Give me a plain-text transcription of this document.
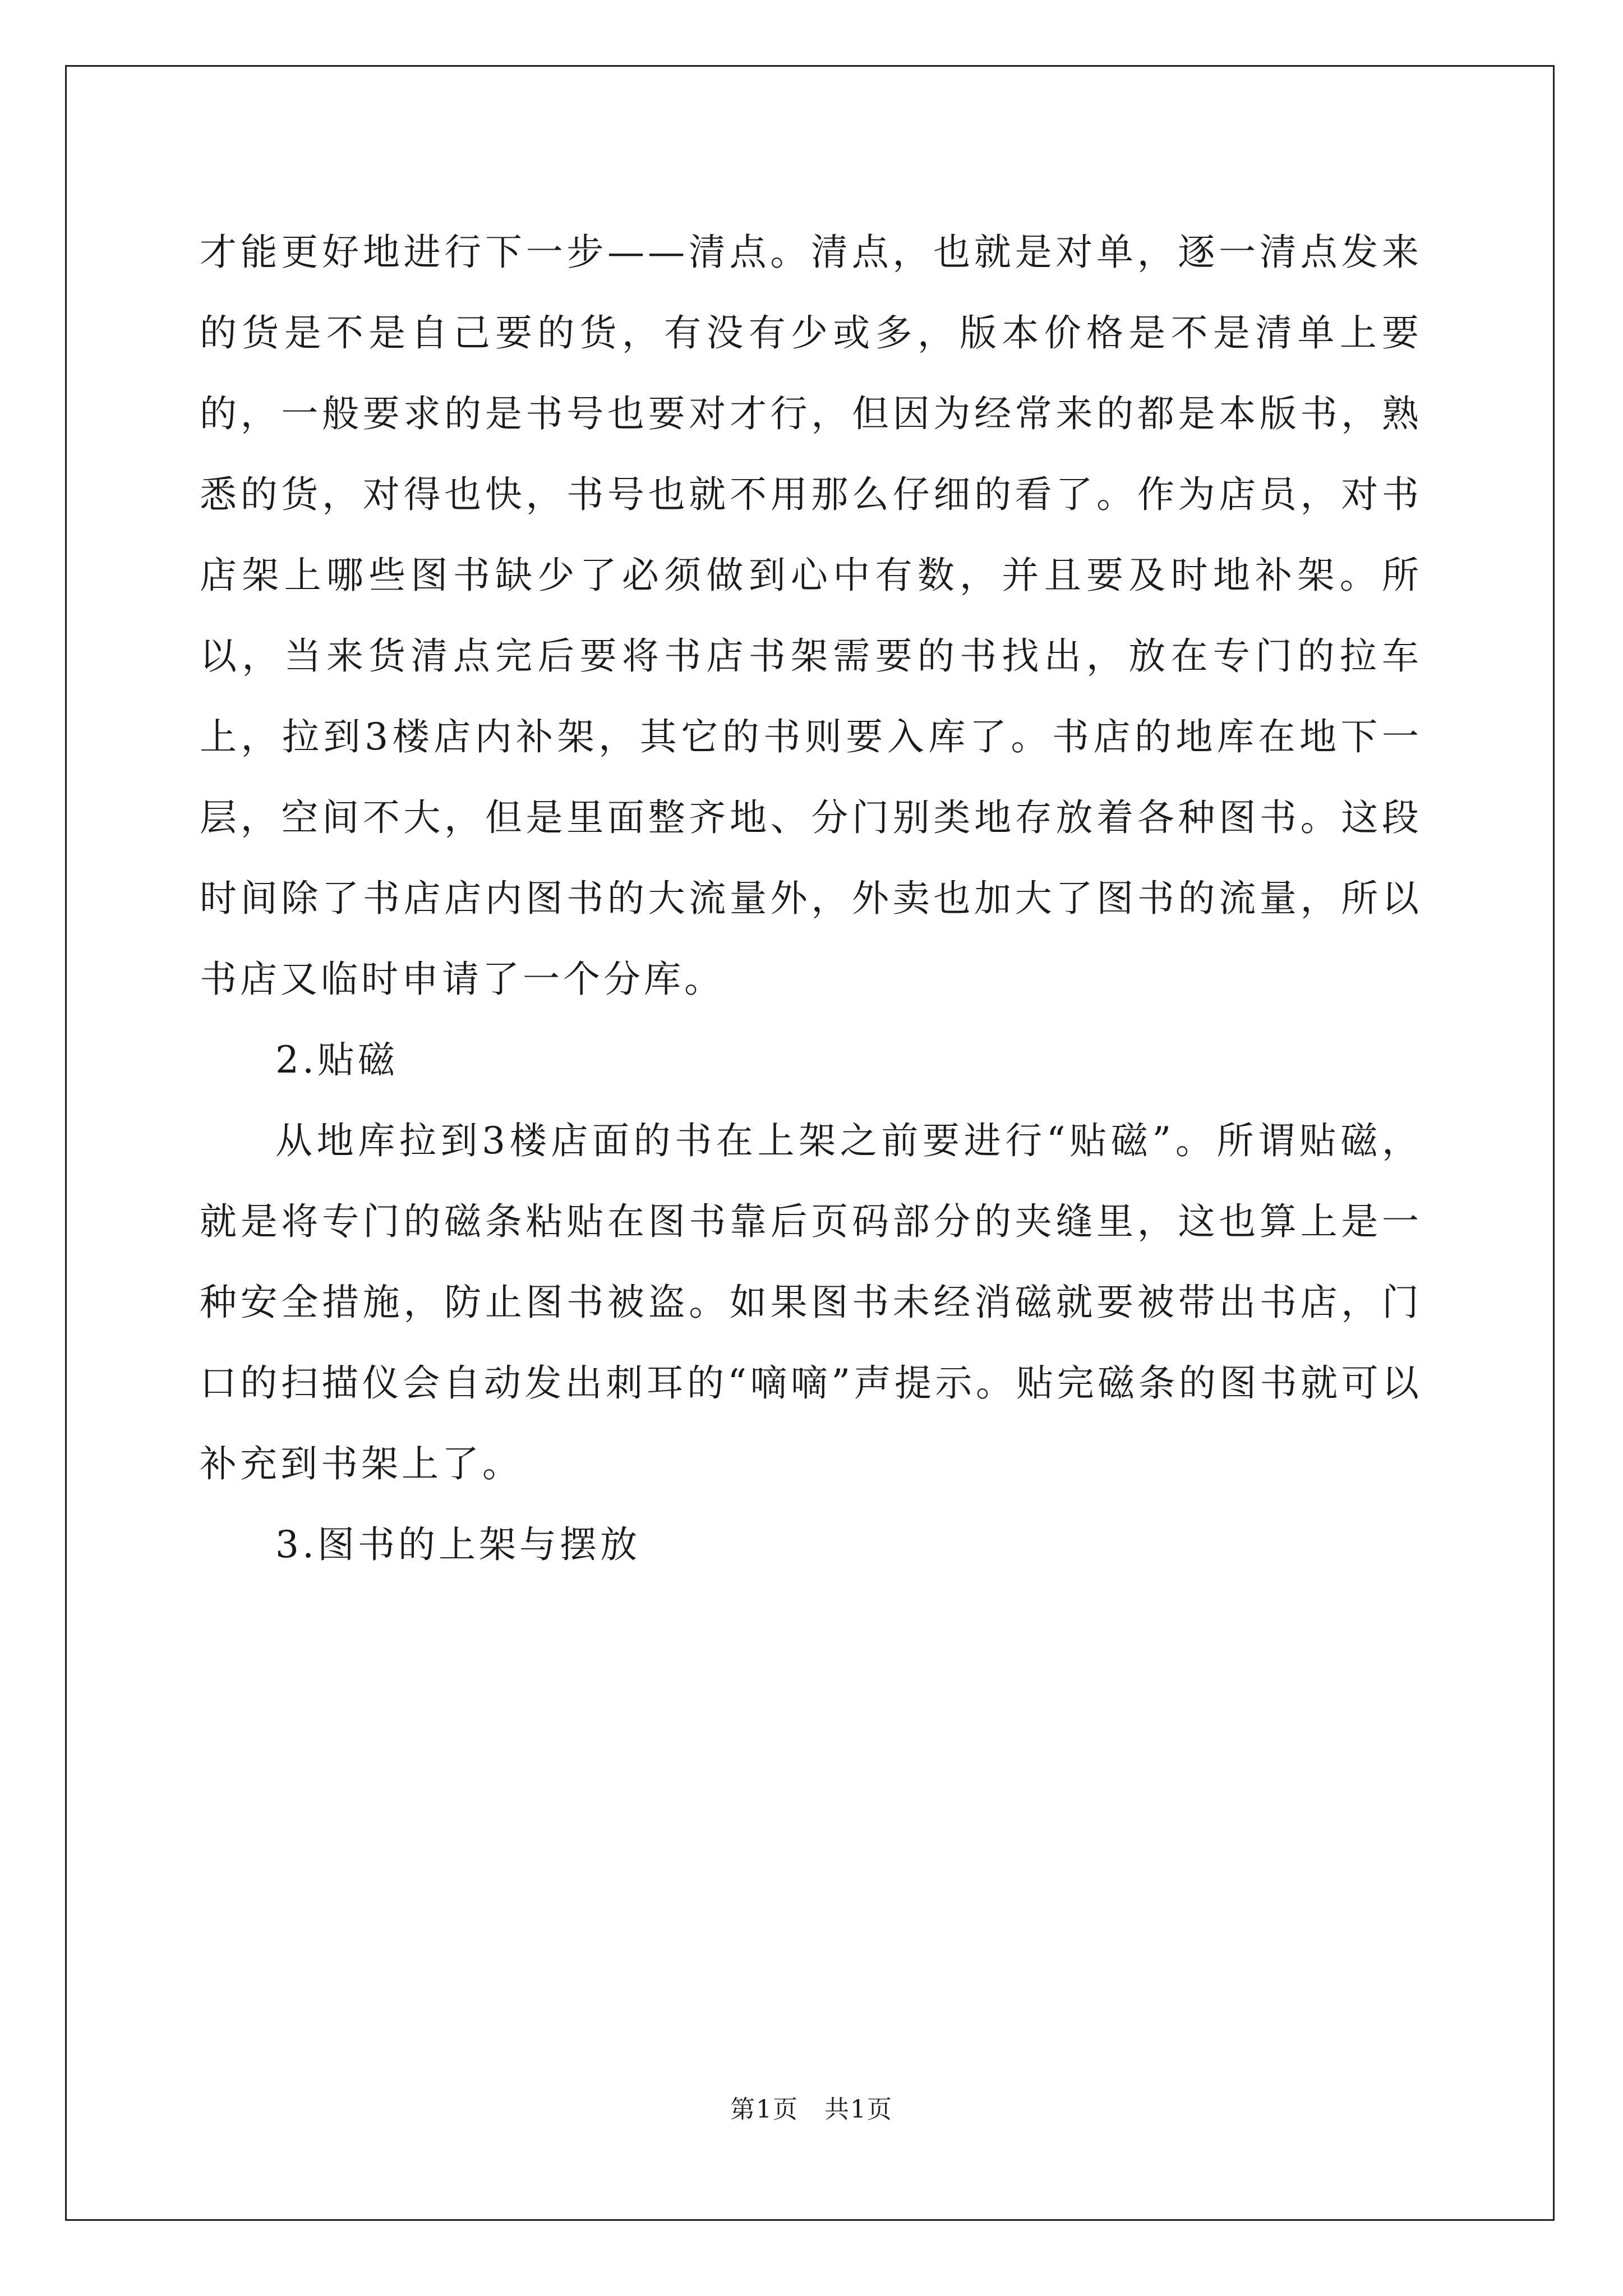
才能更好地进行下一步——清点。清点，也就是对单，逐一清点发来的货是不是自己要的货，有没有少或多，版本价格是不是清单上要的，一般要求的是书号也要对才行，但因为经常来的都是本版书，熟悉的货，对得也快，书号也就不用那么仔细的看了。作为店员，对书店架上哪些图书缺少了必须做到心中有数，并且要及时地补架。所以，当来货清点完后要将书店书架需要的书找出，放在专门的拉车上，拉到3楼店内补架，其它的书则要入库了。书店的地库在地下一层，空间不大，但是里面整齐地、分门别类地存放着各种图书。这段时间除了书店店内图书的大流量外，外卖也加大了图书的流量，所以书店又临时申请了一个分库。

2.贴磁

从地库拉到3楼店面的书在上架之前要进行“贴磁”。所谓贴磁，就是将专门的磁条粘贴在图书靠后页码部分的夹缝里，这也算上是一种安全措施，防止图书被盗。如果图书未经消磁就要被带出书店，门口的扫描仪会自动发出刺耳的“嘀嘀”声提示。贴完磁条的图书就可以补充到书架上了。

3.图书的上架与摆放

第1页　共1页
